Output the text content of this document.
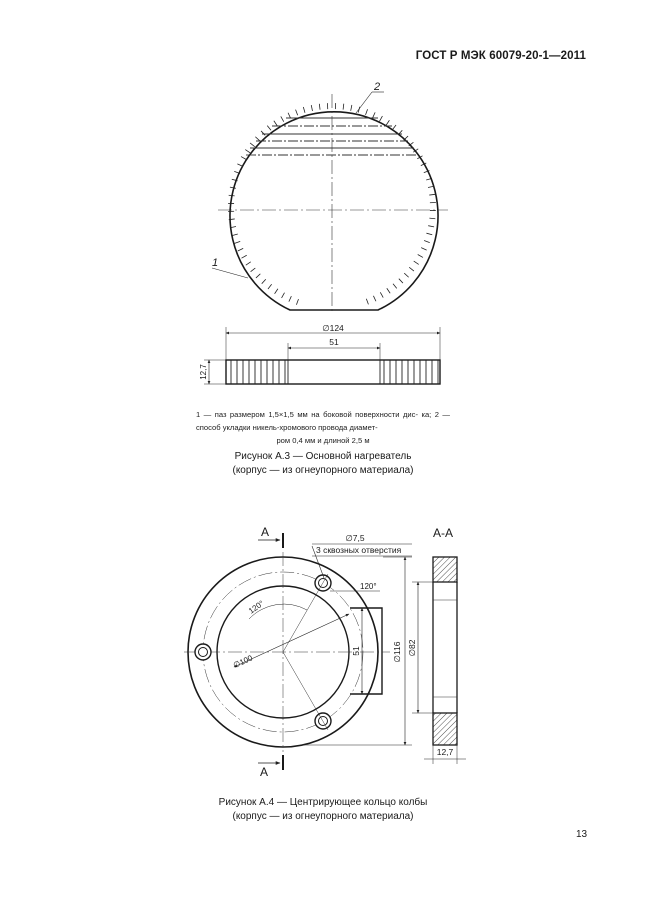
ГОСТ Р МЭК 60079-20-1—2011
2
1
∅124
51
12,7
∅100
120°
120°
∅7,5
3 сквозных отверстия
51	∅116
A
A
A-A
∅82
12,7
1 — паз размером 1,5×1,5 мм на боковой поверхности дис- ка; 2 — способ укладки никель-хромового провода диамет-
ром 0,4 мм и длиной 2,5 м
Рисунок А.3 — Основной нагреватель
(корпус — из огнеупорного материала)
Рисунок А.4 — Центрирующее кольцо колбы
(корпус — из огнеупорного материала)
13
